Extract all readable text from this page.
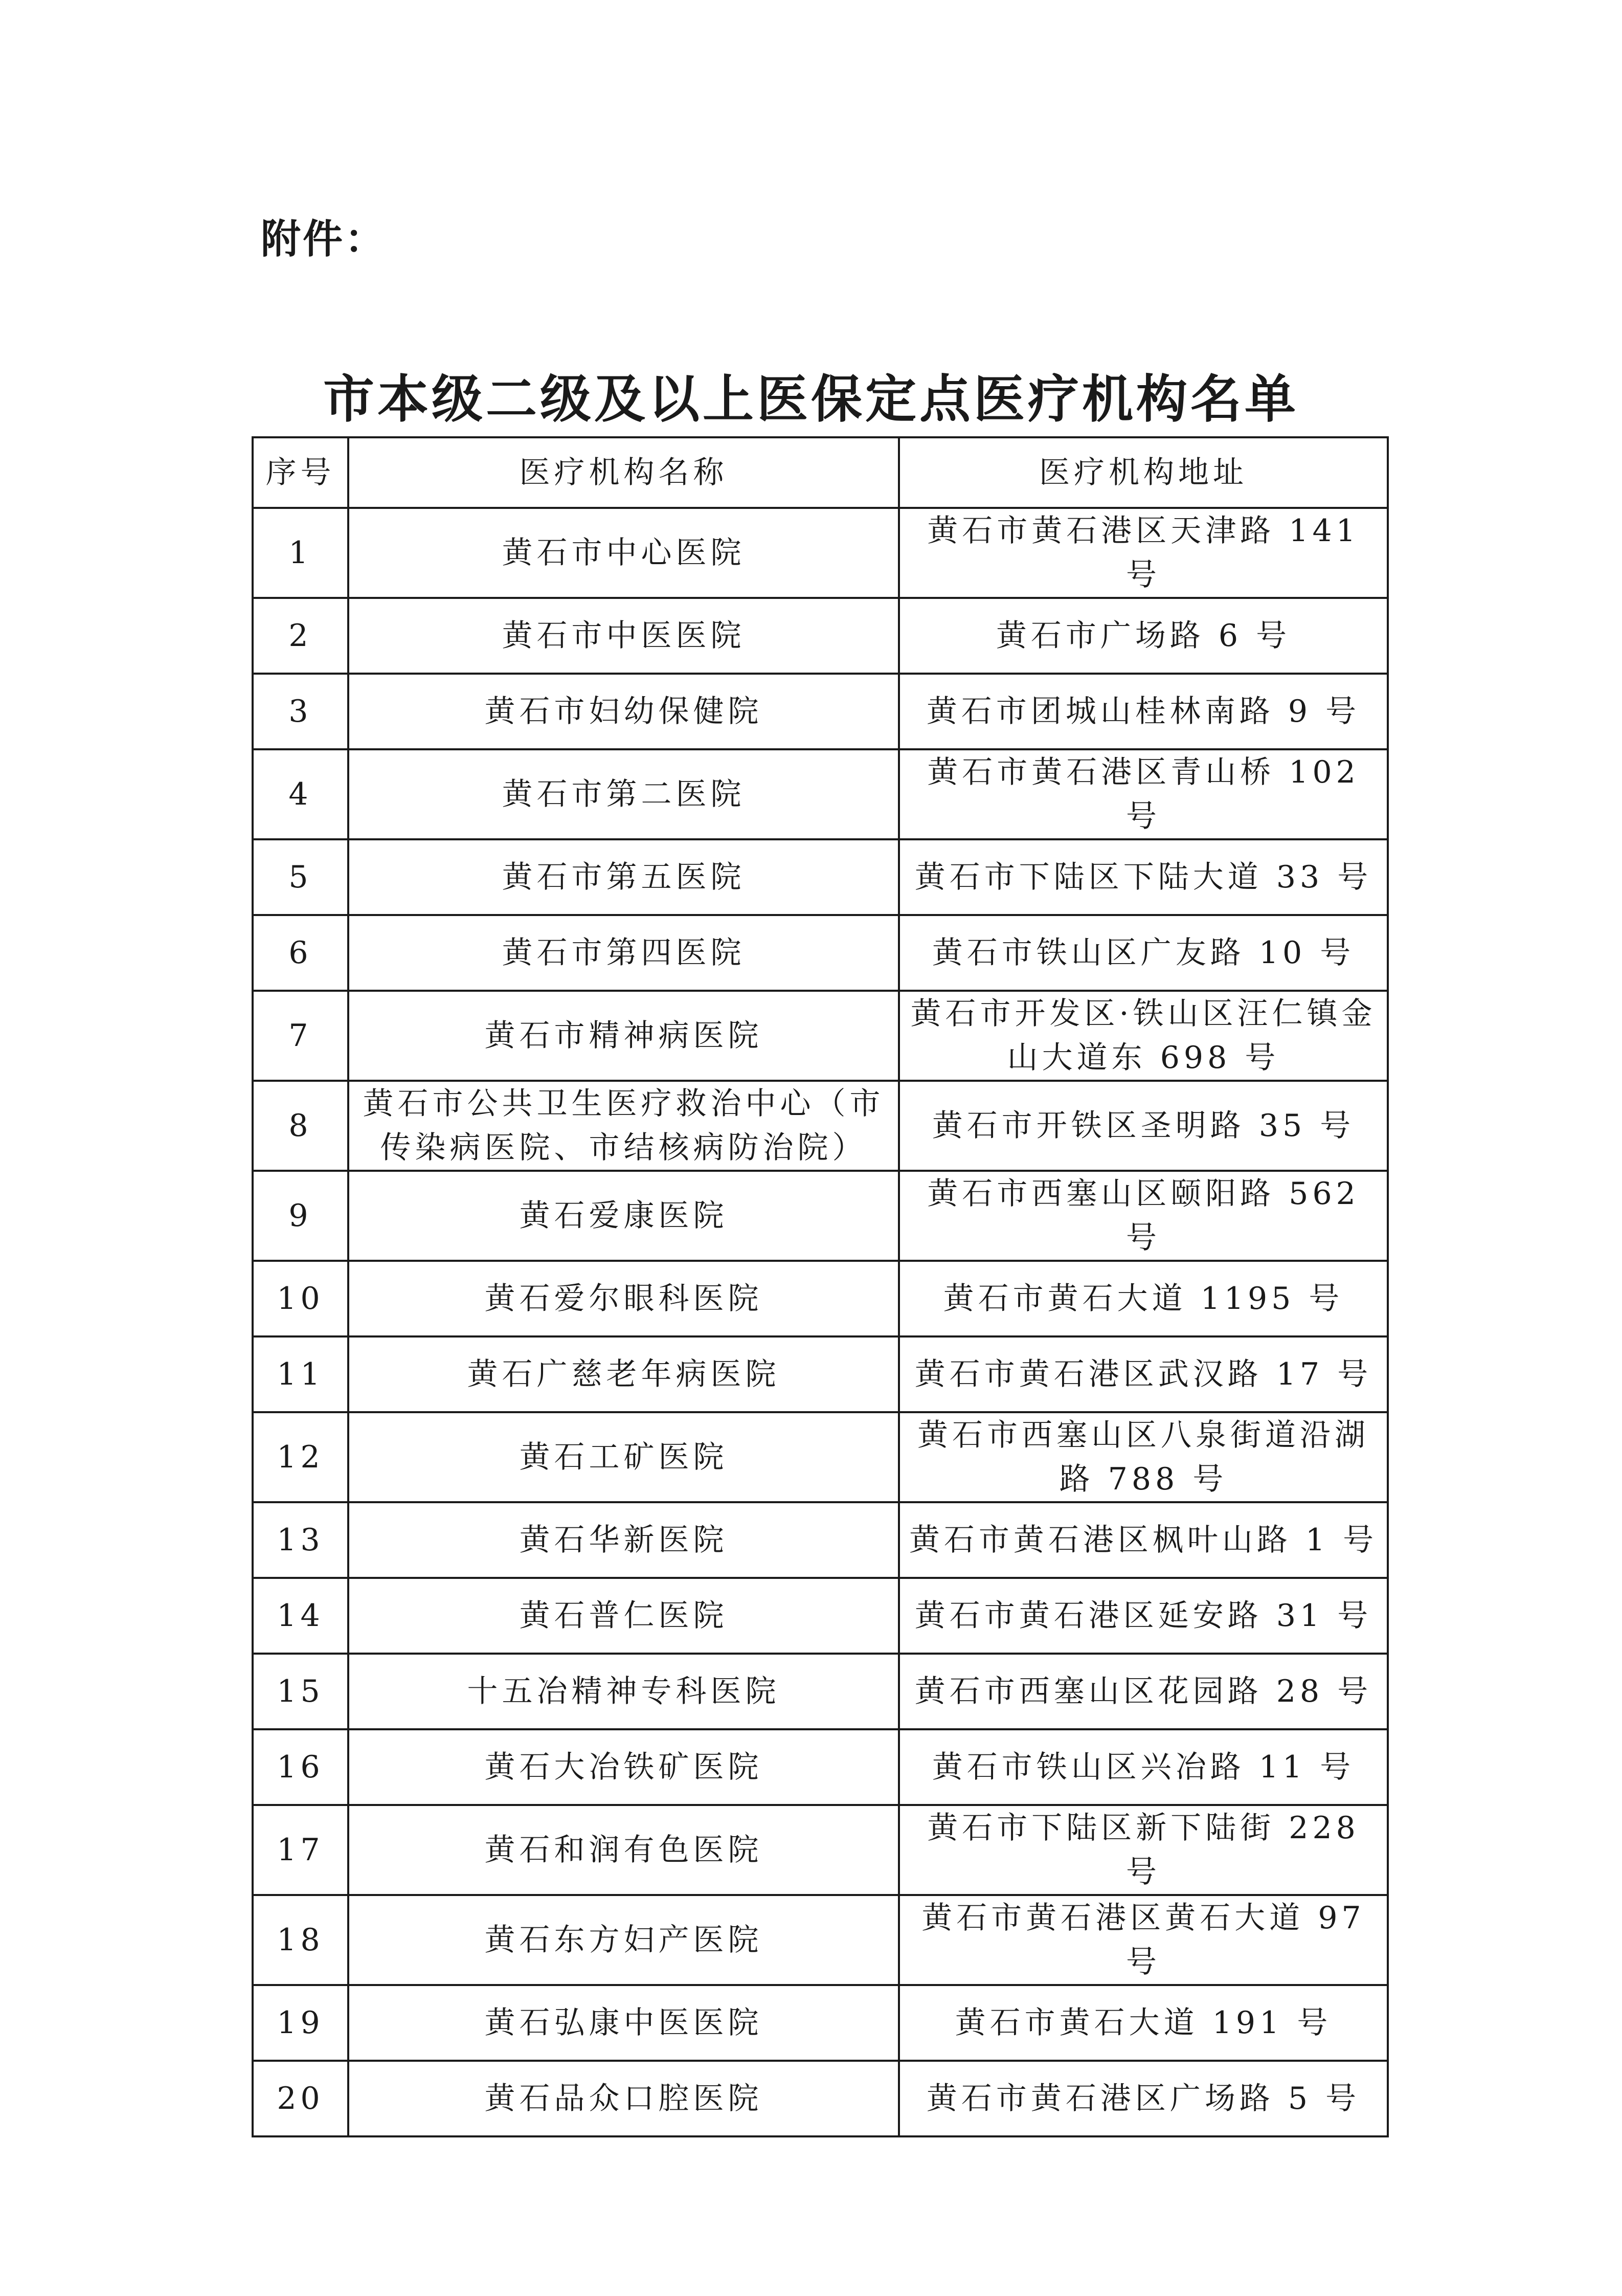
附件：
市本级二级及以上医保定点医疗机构名单
序号	医疗机构名称	医疗机构地址
1	黄石市中心医院	黄石市黄石港区天津路 141 号
2	黄石市中医医院	黄石市广场路 6 号
3	黄石市妇幼保健院	黄石市团城山桂林南路 9 号
4	黄石市第二医院	黄石市黄石港区青山桥 102 号
5	黄石市第五医院	黄石市下陆区下陆大道 33 号
6	黄石市第四医院	黄石市铁山区广友路 10 号
7	黄石市精神病医院	黄石市开发区·铁山区汪仁镇金山大道东 698 号
8	黄石市公共卫生医疗救治中心（市传染病医院、市结核病防治院）	黄石市开铁区圣明路 35 号
9	黄石爱康医院	黄石市西塞山区颐阳路 562 号
10	黄石爱尔眼科医院	黄石市黄石大道 1195 号
11	黄石广慈老年病医院	黄石市黄石港区武汉路 17 号
12	黄石工矿医院	黄石市西塞山区八泉街道沿湖路 788 号
13	黄石华新医院	黄石市黄石港区枫叶山路 1 号
14	黄石普仁医院	黄石市黄石港区延安路 31 号
15	十五冶精神专科医院	黄石市西塞山区花园路 28 号
16	黄石大冶铁矿医院	黄石市铁山区兴冶路 11 号
17	黄石和润有色医院	黄石市下陆区新下陆街 228 号
18	黄石东方妇产医院	黄石市黄石港区黄石大道 97 号
19	黄石弘康中医医院	黄石市黄石大道 191 号
20	黄石品众口腔医院	黄石市黄石港区广场路 5 号
